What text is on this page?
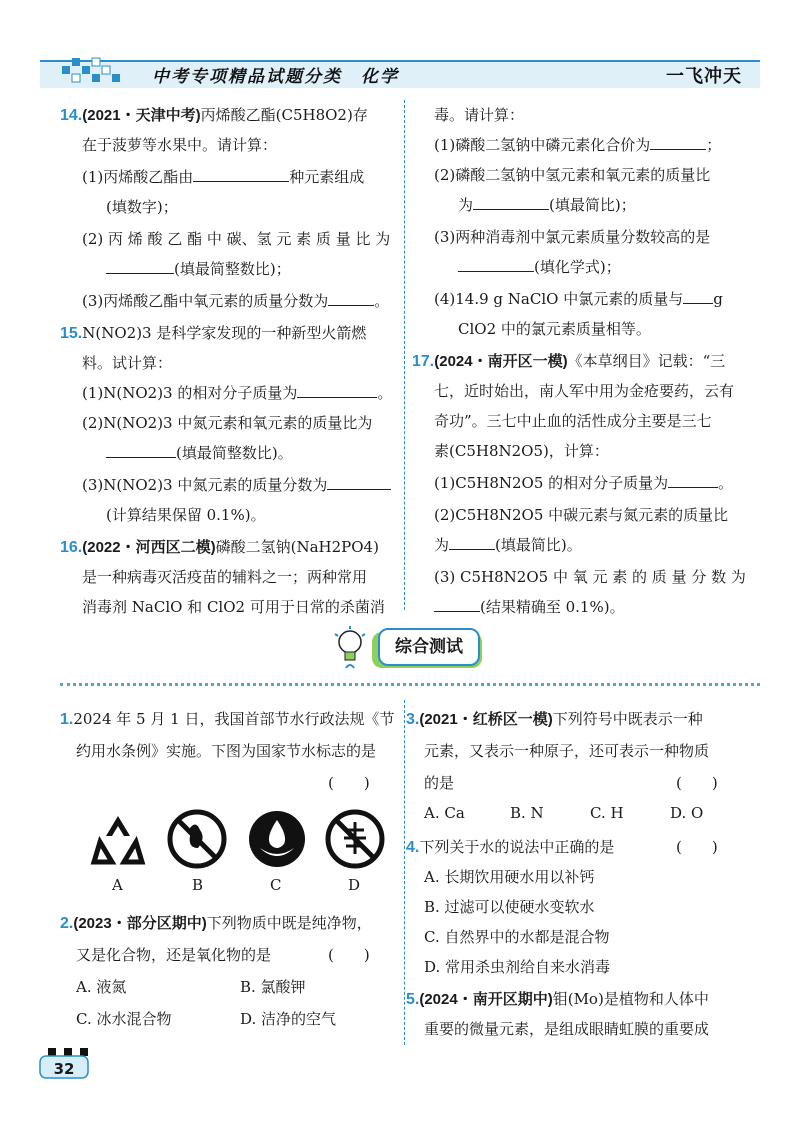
中考专项精品试题分类　化学	一飞冲天
14.(2021・天津中考)丙烯酸乙酯(C5H8O2)存
在于菠萝等水果中。请计算：
(1)丙烯酸乙酯由	种元素组成
(填数字)；
(2) 丙 烯 酸 乙 酯 中 碳、氢 元 素 质 量 比 为
(填最简整数比)；
(3)丙烯酸乙酯中氧元素的质量分数为	。
15.N(NO2)3 是科学家发现的一种新型火箭燃
料。试计算：
(1)N(NO2)3 的相对分子质量为	。
(2)N(NO2)3 中氮元素和氧元素的质量比为
(填最简整数比)。
(3)N(NO2)3 中氮元素的质量分数为
(计算结果保留 0.1%)。
16.(2022・河西区二模)磷酸二氢钠(NaH2PO4)
是一种病毒灭活疫苗的辅料之一；两种常用
消毒剂 NaClO 和 ClO2 可用于日常的杀菌消
毒。请计算：
(1)磷酸二氢钠中磷元素化合价为	；
(2)磷酸二氢钠中氢元素和氧元素的质量比
为	(填最简比)；
(3)两种消毒剂中氯元素质量分数较高的是
(填化学式)；
(4)14.9 g NaClO 中氯元素的质量与 g
ClO2 中的氯元素质量相等。
17.(2024・南开区一模)《本草纲目》记载：“三
七，近时始出，南人军中用为金疮要药，云有
奇功”。三七中止血的活性成分主要是三七
素(C5H8N2O5)，计算：
(1)C5H8N2O5 的相对分子质量为	。
(2)C5H8N2O5 中碳元素与氮元素的质量比
为	(填最简比)。
(3) C5H8N2O5 中 氧 元 素 的 质 量 分 数 为
(结果精确至 0.1%)。
综合测试
1.2024 年 5 月 1 日，我国首部节水行政法规《节
约用水条例》实施。下图为国家节水标志的是
(　　)
A	B	C	D
2.(2023・部分区期中)下列物质中既是纯净物，
又是化合物，还是氧化物的是	(　　)
A. 液氮	B. 氯酸钾
C. 冰水混合物	D. 洁净的空气
3.(2021・红桥区一模)下列符号中既表示一种
元素，又表示一种原子，还可表示一种物质
的是	(　　)
A. Ca	B. N	C. H	D. O
4.下列关于水的说法中正确的是	(　　)
A. 长期饮用硬水用以补钙
B. 过滤可以使硬水变软水
C. 自然界中的水都是混合物
D. 常用杀虫剂给自来水消毒
5.(2024・南开区期中)钼(Mo)是植物和人体中
重要的微量元素，是组成眼睛虹膜的重要成
32
